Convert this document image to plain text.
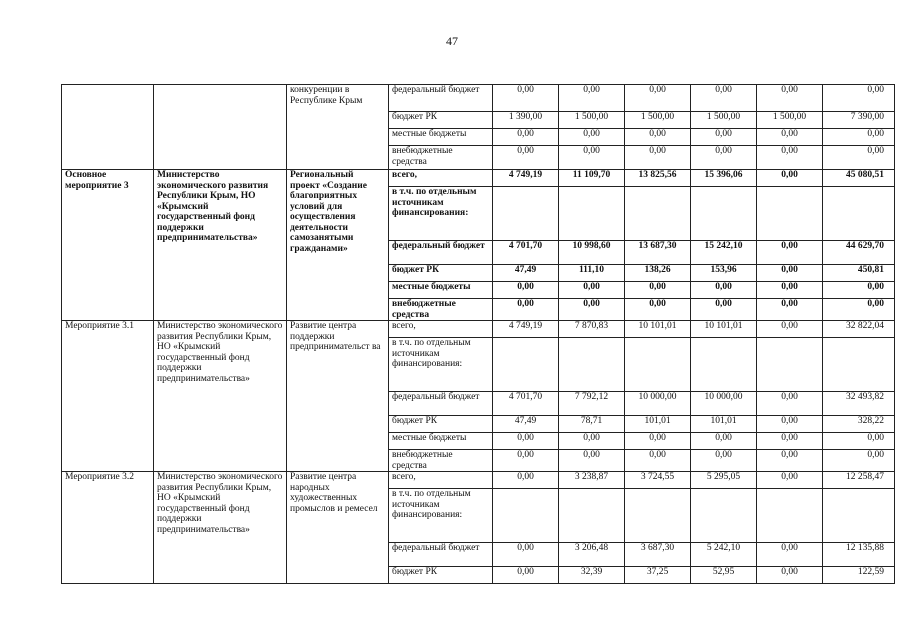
47
		конкуренции в Республике Крым	федеральный бюджет	0,00	0,00	0,00	0,00	0,00	0,00
			бюджет РК	1 390,00	1 500,00	1 500,00	1 500,00	1 500,00	7 390,00
			местные бюджеты	0,00	0,00	0,00	0,00	0,00	0,00
			внебюджетные средства	0,00	0,00	0,00	0,00	0,00	0,00
Основное мероприятие 3	Министерство экономического развития Республики Крым, НО «Крымский государственный фонд поддержки предпринимательства»	Региональный проект «Создание благоприятных условий для осуществления деятельности самозанятыми гражданами»	всего,	4 749,19	11 109,70	13 825,56	15 396,06	0,00	45 080,51
			в т.ч. по отдельным источникам финансирования:						
			федеральный бюджет	4 701,70	10 998,60	13 687,30	15 242,10	0,00	44 629,70
			бюджет РК	47,49	111,10	138,26	153,96	0,00	450,81
			местные бюджеты	0,00	0,00	0,00	0,00	0,00	0,00
			внебюджетные средства	0,00	0,00	0,00	0,00	0,00	0,00
Мероприятие 3.1	Министерство экономического развития Республики Крым, НО «Крымский государственный фонд поддержки предпринимательства»	Развитие центра поддержки предпринимательст ва	всего,	4 749,19	7 870,83	10 101,01	10 101,01	0,00	32 822,04
			в т.ч. по отдельным источникам финансирования:						
			федеральный бюджет	4 701,70	7 792,12	10 000,00	10 000,00	0,00	32 493,82
			бюджет РК	47,49	78,71	101,01	101,01	0,00	328,22
			местные бюджеты	0,00	0,00	0,00	0,00	0,00	0,00
			внебюджетные средства	0,00	0,00	0,00	0,00	0,00	0,00
Мероприятие 3.2	Министерство экономического развития Республики Крым, НО «Крымский государственный фонд поддержки предпринимательства»	Развитие центра народных художественных промыслов и ремесел	всего,	0,00	3 238,87	3 724,55	5 295,05	0,00	12 258,47
			в т.ч. по отдельным источникам финансирования:						
			федеральный бюджет	0,00	3 206,48	3 687,30	5 242,10	0,00	12 135,88
			бюджет РК	0,00	32,39	37,25	52,95	0,00	122,59
